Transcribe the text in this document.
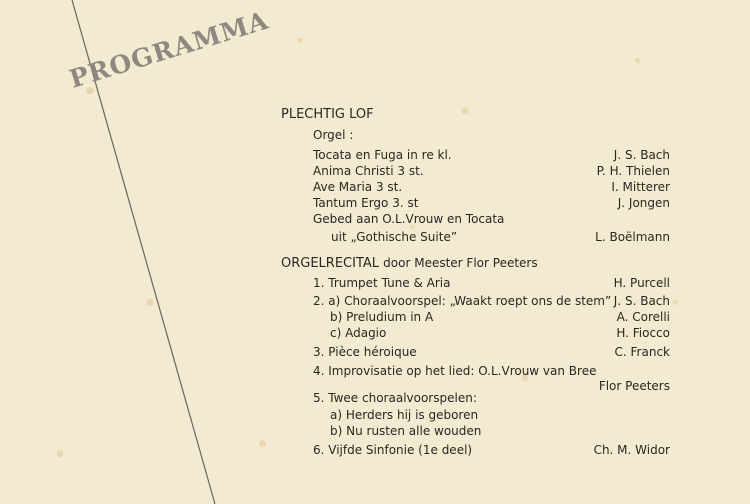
PROGRAMMA
PLECHTIG LOF
Orgel :
Tocata en Fuga in re kl.	J. S. Bach
Anima Christi 3 st.	P. H. Thielen
Ave Maria 3 st.	I. Mitterer
Tantum Ergo 3. st	J. Jongen
Gebed aan O.L.Vrouw en Tocata
uit „Gothische Suite”	L. Boëlmann
ORGELRECITAL door Meester Flor Peeters
1. Trumpet Tune & Aria	H. Purcell
2. a) Choraalvoorspel: „Waakt roept ons de stem” J. S. Bach
b) Preludium in A	A. Corelli
c) Adagio	H. Fiocco
3. Pièce héroique	C. Franck
4. Improvisatie op het lied: O.L.Vrouw van Bree
Flor Peeters
5. Twee choraalvoorspelen:
a) Herders hij is geboren
b) Nu rusten alle wouden
6. Vijfde Sinfonie (1e deel)	Ch. M. Widor
